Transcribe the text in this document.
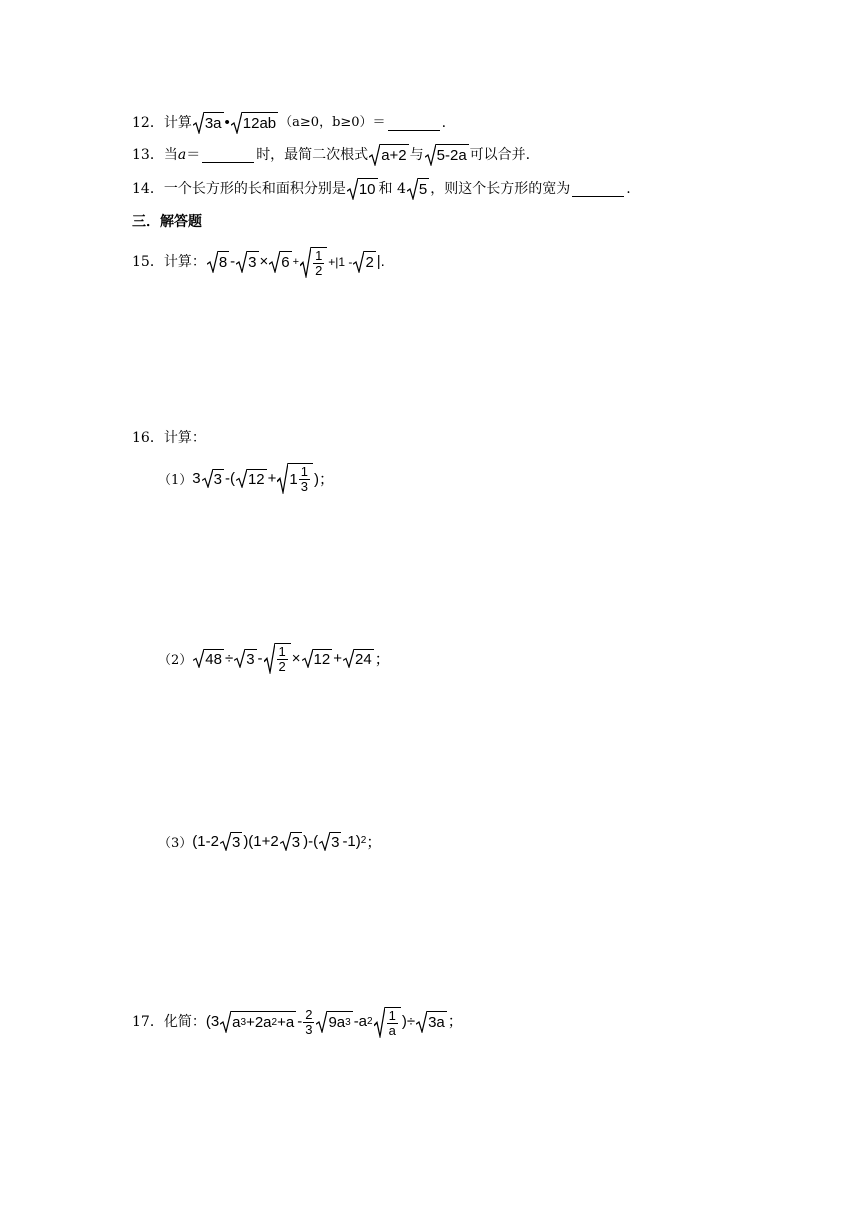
12． 计算 3a • 12ab （a≥0，b≥0）＝	.
13． 当 a ＝	时，最简二次根式 a+2 与 5-2a 可以合并.
14． 一个长方形的长和面积分别是 10 和 4 5 ，则这个长方形的宽为	.
三．解答题
15． 计算： $8 - 3 \times 6 + \frac{1}{2} +|1 - 2$ |.
16． 计算：
（1） 3 3 -( $12 + 1 \frac{1}{3}$ )；
（2） $48 \div 3 - \frac{1}{2} \times 12 + 24$ ；
（3） (1-2 3 )(1+2 3 )-( 3 -1) 2 ；
17． 化简： (3 a 3 +2a $2 +a - \frac{2}{3} 9a$ 3 -a $2 \frac{1}{a}$ )÷ 3a ；
